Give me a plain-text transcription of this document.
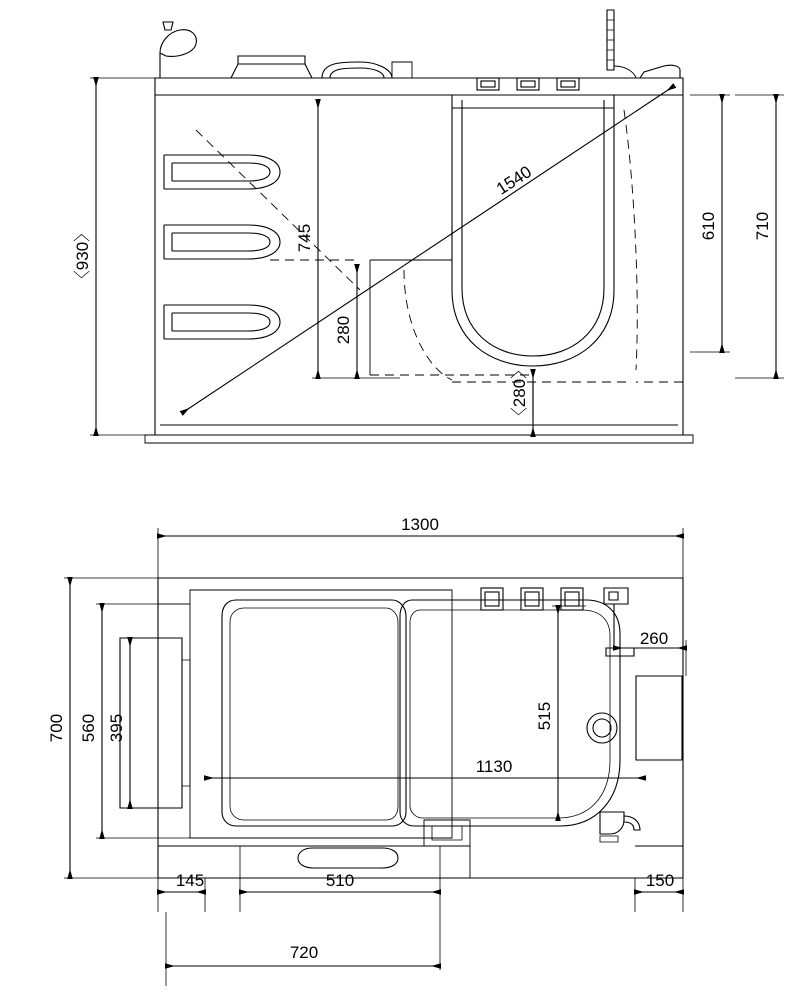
〈930〉	745
280
〈280〉
1540
610 710
1300
700 560 395
1130
515
260
145	510	150
720
